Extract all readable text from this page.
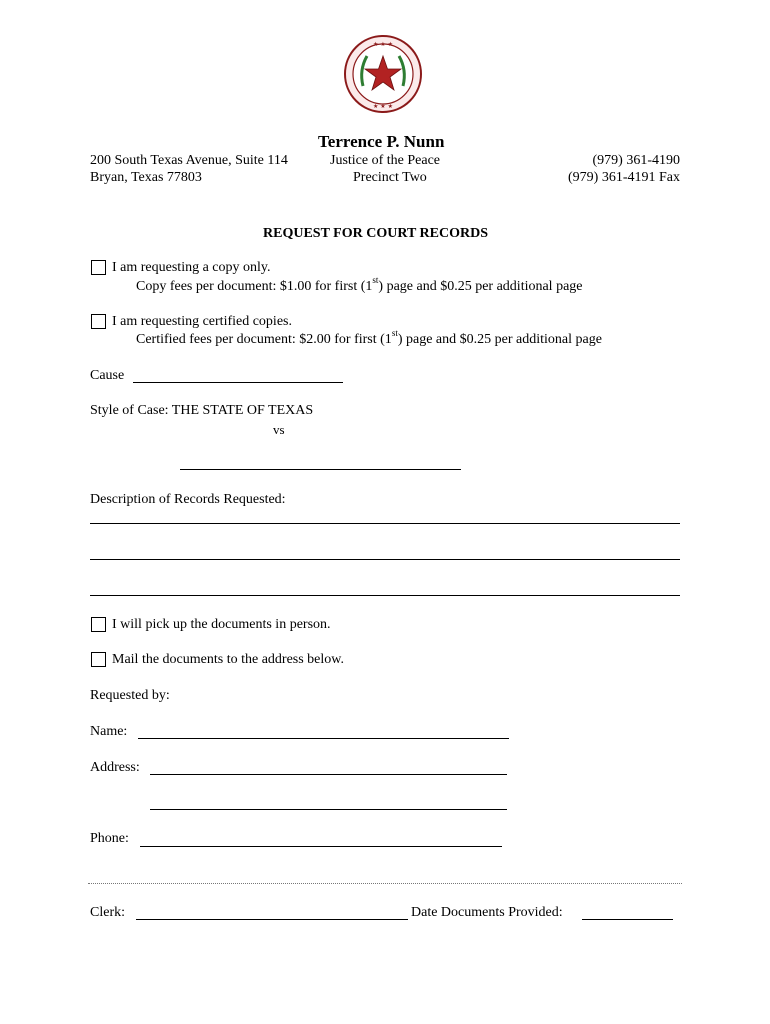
★ ★ ★
★ ★ ★
Terrence P. Nunn
200 South Texas Avenue, Suite 114
Bryan, Texas 77803
Justice of the Peace
Precinct Two
(979) 361-4190
(979) 361-4191 Fax
REQUEST FOR COURT RECORDS
I am requesting a copy only.
Copy fees per document: $1.00 for first (1st) page and $0.25 per additional page
I am requesting certified copies.
Certified fees per document: $2.00 for first (1st) page and $0.25 per additional page
Cause
Style of Case: THE STATE OF TEXAS
vs
Description of Records Requested:
I will pick up the documents in person.
Mail the documents to the address below.
Requested by:
Name:
Address:
Phone:
Clerk:	Date Documents Provided:
